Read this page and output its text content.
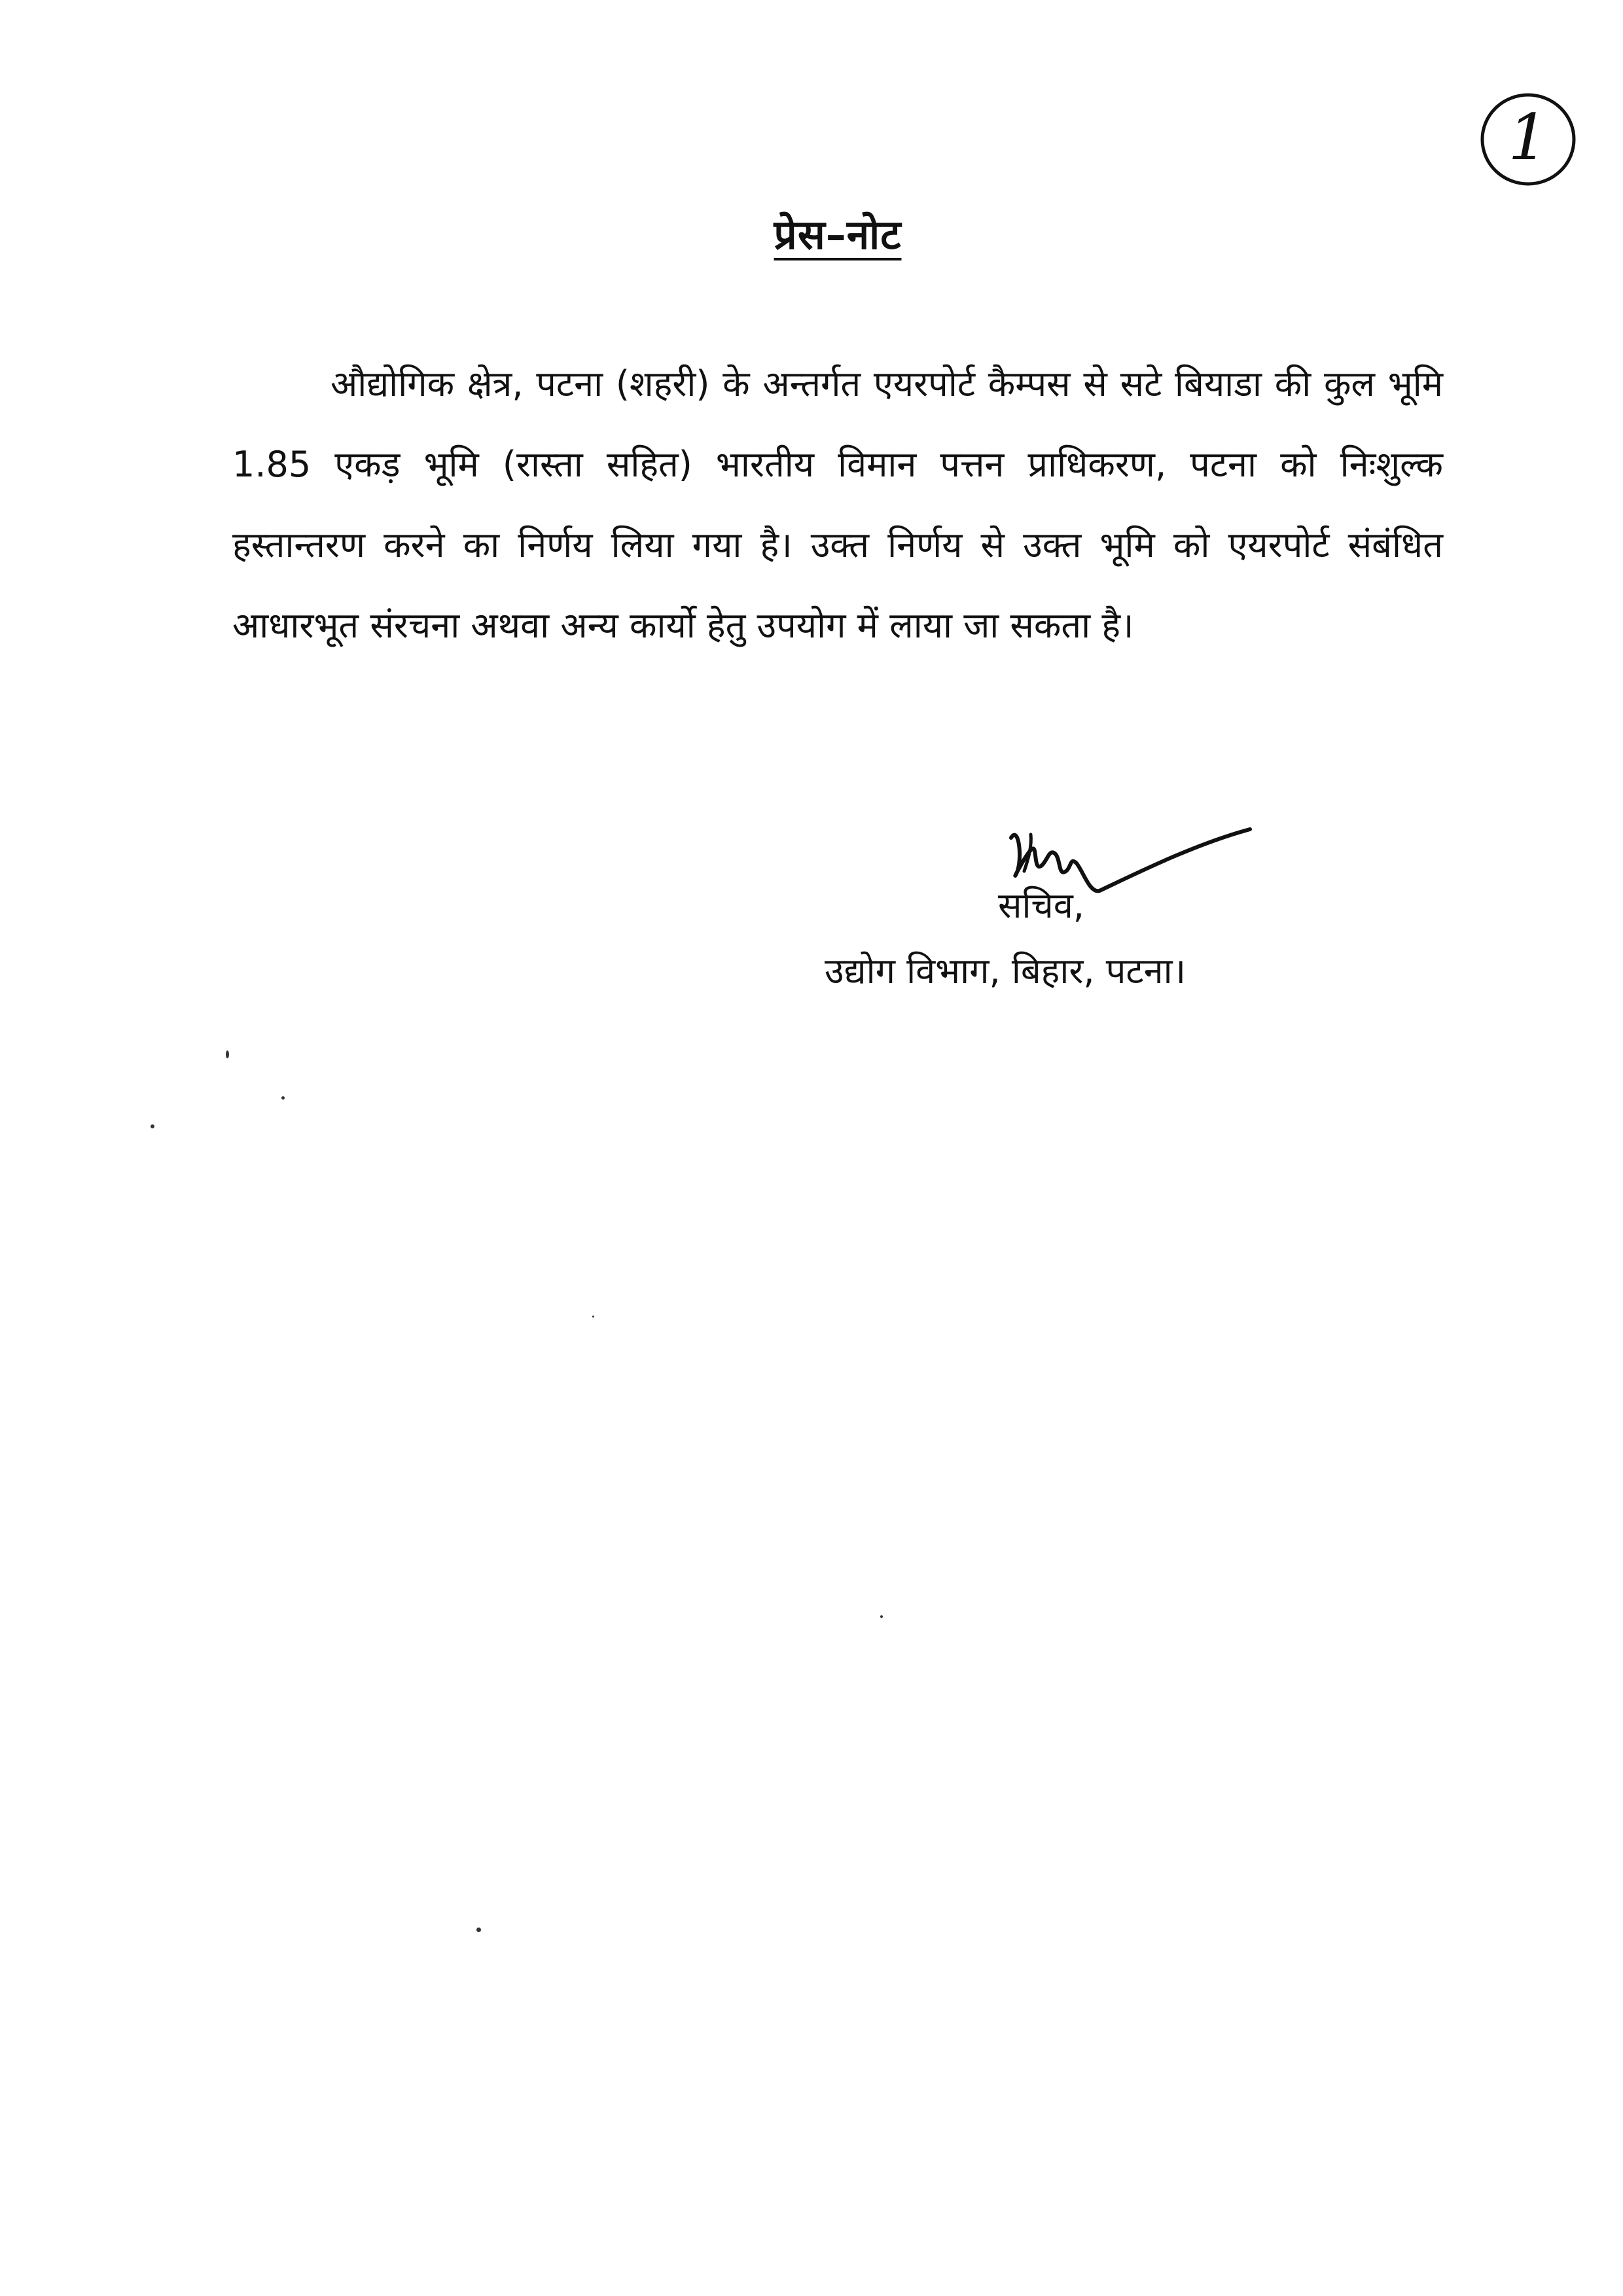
1
प्रेस–नोट

औद्योगिक क्षेत्र, पटना (शहरी) के अन्तर्गत एयरपोर्ट कैम्पस से सटे बियाडा की कुल भूमि 1.85 एकड़ भूमि (रास्ता सहित) भारतीय विमान पत्तन प्राधिकरण, पटना को निःशुल्क हस्तान्तरण करने का निर्णय लिया गया है। उक्त निर्णय से उक्त भूमि को एयरपोर्ट संबंधित आधारभूत संरचना अथवा अन्य कार्यो हेतु उपयोग में लाया जा सकता है।

सचिव,
उद्योग विभाग, बिहार, पटना।
